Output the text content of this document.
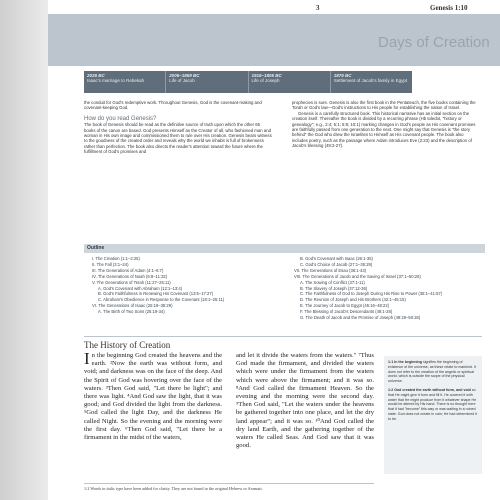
Days of Creation
3	Genesis 1:10
2026 BC
Isaac's marriage to Rebekah
2006–1859 BC
Life of Jacob
1915–1805 BC
Life of Joseph
1876 BC
Settlement of Jacob's family in Egypt
the conduit for God's redemptive work. Throughout Genesis, God is the covenant-making and covenant-keeping God.
How do you read Genesis?
The book of Genesis should be read as the definitive source of truth upon which the other 65 books of the canon are based. God presents Himself as the Creator of all, who fashioned man and woman in His own image and commissioned them to rule over His creation. Genesis bears witness to the goodness of the created order and reveals why the world we inhabit is full of brokenness rather than perfection. The book also directs the reader's attention toward the future where the fulfillment of God's promises and
prophecies is sure. Genesis is also the first book in the Pentateuch, the five books containing the Torah or God's law—God's instructions to His people for establishing the nation of Israel.
Genesis is a carefully structured book. This historical narrative has an initial section on the creation itself. Thereafter the book is divided by a recurring phrase (Hb toledot, "history or genealogy"; e.g., 2:4; 5:1; 6:9; 10:1) marking changes in God's people as His covenant promises are faithfully passed from one generation to the next. One might say that Genesis is "the story behind" the God who drew the Israelites to Himself as His covenant people. The book also includes poetry, such as the passage where Adam introduces Eve (2:23) and the description of Jacob's blessing (49:2-27).
Outline
I. The Creation (1:1–2:25)
II. The Fall (3:1–24)
III. The Generations of Adam (4:1–6:7)
IV. The Generations of Noah (6:8–11:32)
V. The Generations of Terah (11:27–25:11)
A. God's Covenant with Abraham (12:1–13:4)
B. God's Faithfulness in Renewing His Covenant (13:5–17:27)
C. Abraham's Obedience in Response to the Covenant (18:1–25:11)
VI. The Generations of Isaac (25:19–35:29)
A. The Birth of Two Sons (25:19-34)
B. God's Covenant with Isaac (26:1-35)
C. God's Choice of Jacob (27:1–35:29)
VII. The Generations of Esau (36:1-43)
VIII. The Generations of Jacob and the Saving of Israel (37:1–50:26)
A. The Sowing of Conflict (37:1-11)
B. The Slavery of Joseph (37:12-36)
C. The Faithfulness of God to Joseph During His Rise to Power (38:1–41:57)
D. The Reunion of Joseph and His Brothers (42:1–45:15)
E. The Journey of Jacob to Egypt (45:16–48:22)
F. The Blessing of Jacob's Descendants (49:1-28)
G. The Death of Jacob and the Promise of Joseph (49:29–50:26)
The History of Creation
I n the beginning God created the heavens and the earth. ²Now the earth was without form, and void; and darkness was on the face of the deep. And the Spirit of God was hovering over the face of the waters. ³Then God said, "Let there be light"; and there was light. ⁴And God saw the light, that it was good; and God divided the light from the darkness. ⁵God called the light Day, and the darkness He called Night. So the evening and the morning were the first day. ⁶Then God said, "Let there be a firmament in the midst of the waters,
and let it divide the waters from the waters." ⁷Thus God made the firmament, and divided the waters which were under the firmament from the waters which were above the firmament; and it was so. ⁸And God called the firmament Heaven. So the evening and the morning were the second day. ⁹Then God said, "Let the waters under the heavens be gathered together into one place, and let the dry land appear"; and it was so. ¹⁰And God called the dry land Earth, and the gathering together of the waters He called Seas. And God saw that it was good.

1:1 In the beginning signifies the beginning of existence of the universe, as these relate to mankind. It does not refer to the creation of the angelic or spiritual world, which is outside the scope of the physical universe.

1:2 God created the earth without form, and void so that He might give it form and fill it. He covered it with water that He might produce from it whatever shape He would be altered by His hand. There is no thought here that it had "become" this way or was waiting in a ruined state. God does not create in vain; He had determined it to be.

1:2 Words in italic type have been added for clarity. They are not found in the original Hebrew or Aramaic.
